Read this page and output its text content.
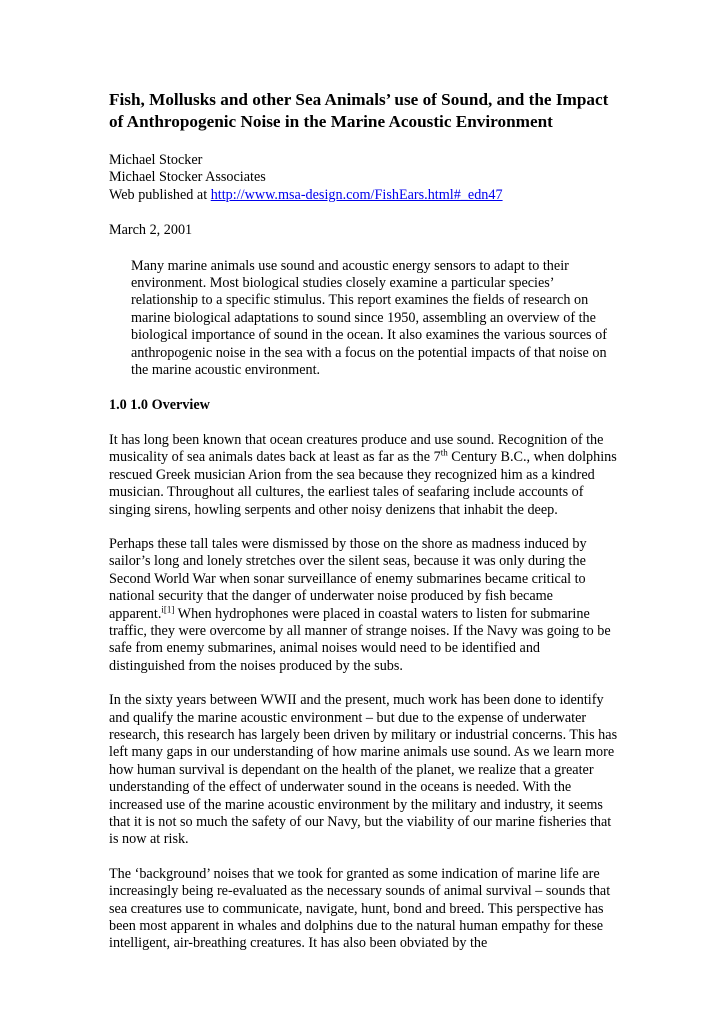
Fish, Mollusks and other Sea Animals’ use of Sound, and the Impact of Anthropogenic Noise in the Marine Acoustic Environment
Michael Stocker
Michael Stocker Associates
Web published at http://www.msa-design.com/FishEars.html#_edn47
March 2, 2001

Many marine animals use sound and acoustic energy sensors to adapt to their environment. Most biological studies closely examine a particular species’ relationship to a specific stimulus. This report examines the fields of research on marine biological adaptations to sound since 1950, assembling an overview of the biological importance of sound in the ocean. It also examines the various sources of anthropogenic noise in the sea with a focus on the potential impacts of that noise on the marine acoustic environment.

1.0 1.0 Overview

It has long been known that ocean creatures produce and use sound. Recognition of the musicality of sea animals dates back at least as far as the 7th Century B.C., when dolphins rescued Greek musician Arion from the sea because they recognized him as a kindred musician. Throughout all cultures, the earliest tales of seafaring include accounts of singing sirens, howling serpents and other noisy denizens that inhabit the deep.

Perhaps these tall tales were dismissed by those on the shore as madness induced by sailor’s long and lonely stretches over the silent seas, because it was only during the Second World War when sonar surveillance of enemy submarines became critical to national security that the danger of underwater noise produced by fish became apparent.$^{i[1]}$ When hydrophones were placed in coastal waters to listen for submarine traffic, they were overcome by all manner of strange noises. If the Navy was going to be safe from enemy submarines, animal noises would need to be identified and distinguished from the noises produced by the subs.

In the sixty years between WWII and the present, much work has been done to identify and qualify the marine acoustic environment – but due to the expense of underwater research, this research has largely been driven by military or industrial concerns. This has left many gaps in our understanding of how marine animals use sound. As we learn more how human survival is dependant on the health of the planet, we realize that a greater understanding of the effect of underwater sound in the oceans is needed. With the increased use of the marine acoustic environment by the military and industry, it seems that it is not so much the safety of our Navy, but the viability of our marine fisheries that is now at risk.

The ‘background’ noises that we took for granted as some indication of marine life are increasingly being re-evaluated as the necessary sounds of animal survival – sounds that sea creatures use to communicate, navigate, hunt, bond and breed. This perspective has been most apparent in whales and dolphins due to the natural human empathy for these intelligent, air-breathing creatures. It has also been obviated by the
